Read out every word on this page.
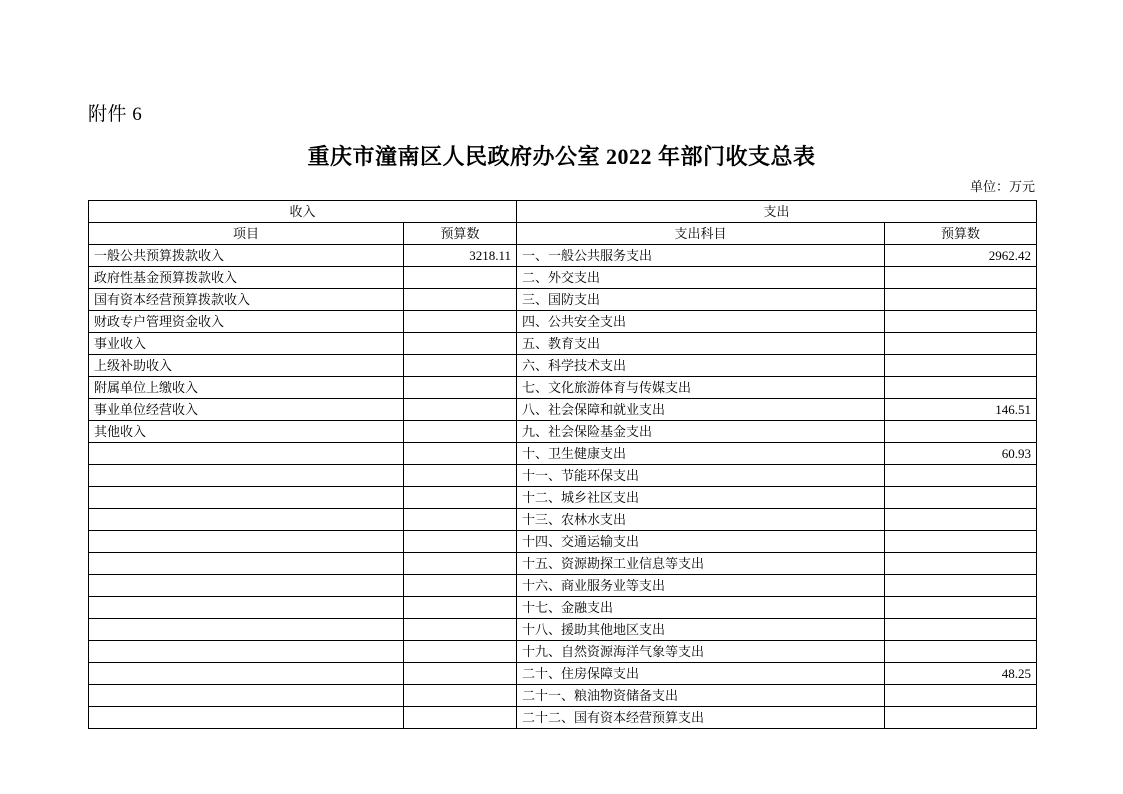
附件 6
重庆市潼南区人民政府办公室 2022 年部门收支总表
单位：万元
收入		支出	
项目	预算数	支出科目	预算数
一般公共预算拨款收入	3218.11	一、一般公共服务支出	2962.42
政府性基金预算拨款收入		二、外交支出	
国有资本经营预算拨款收入		三、国防支出	
财政专户管理资金收入		四、公共安全支出	
事业收入		五、教育支出	
上级补助收入		六、科学技术支出	
附属单位上缴收入		七、文化旅游体育与传媒支出	
事业单位经营收入		八、社会保障和就业支出	146.51
其他收入		九、社会保险基金支出	
		十、卫生健康支出	60.93
		十一、节能环保支出	
		十二、城乡社区支出	
		十三、农林水支出	
		十四、交通运输支出	
		十五、资源勘探工业信息等支出	
		十六、商业服务业等支出	
		十七、金融支出	
		十八、援助其他地区支出	
		十九、自然资源海洋气象等支出	
		二十、住房保障支出	48.25
		二十一、粮油物资储备支出	
		二十二、国有资本经营预算支出	
